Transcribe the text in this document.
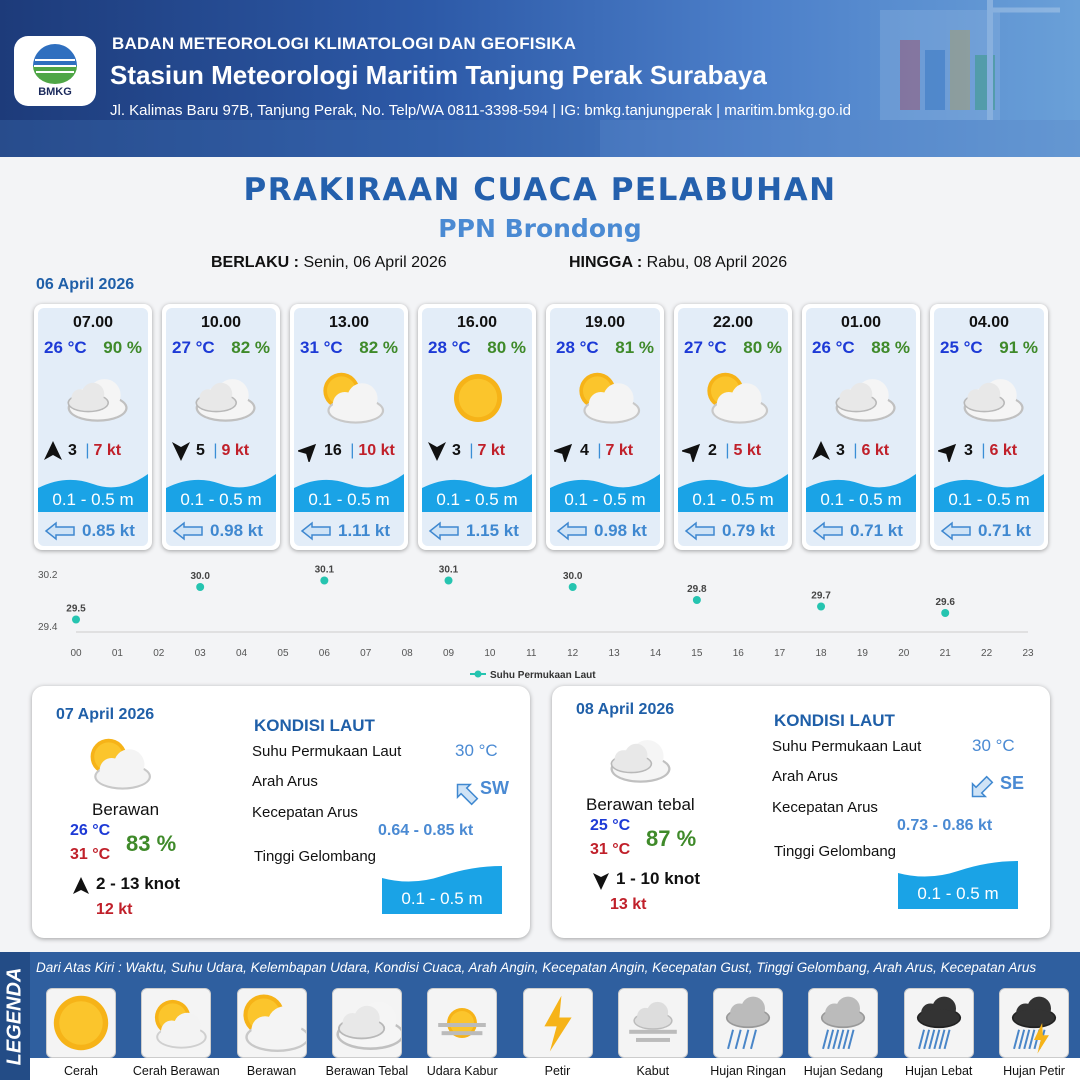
BMKG
BADAN METEOROLOGI KLIMATOLOGI DAN GEOFISIKA
Stasiun Meteorologi Maritim Tanjung Perak Surabaya
Jl. Kalimas Baru 97B, Tanjung Perak, No. Telp/WA 0811-3398-594 | IG: bmkg.tanjungperak | maritim.bmkg.go.id
PRAKIRAAN CUACA PELABUHAN
PPN Brondong
BERLAKU : Senin, 06 April 2026	HINGGA : Rabu, 08 April 2026
06 April 2026
07.00
26 °C 90 %
3 | 7 kt
0.1 - 0.5 m
0.85 kt
10.00
27 °C 82 %
5 | 9 kt
0.1 - 0.5 m
0.98 kt
13.00
31 °C 82 %
16 | 10 kt
0.1 - 0.5 m
1.11 kt
16.00
28 °C 80 %
3 | 7 kt
0.1 - 0.5 m
1.15 kt
19.00
28 °C 81 %
4 | 7 kt
0.1 - 0.5 m
0.98 kt
22.00
27 °C 80 %
2 | 5 kt
0.1 - 0.5 m
0.79 kt
01.00
26 °C 88 %
3 | 6 kt
0.1 - 0.5 m
0.71 kt
04.00
25 °C 91 %
3 | 6 kt
0.1 - 0.5 m
0.71 kt
00	01	02	03	04	05	06	07	08	09	10	11	12	13	14	15	16	17	18	19	20	21	22	23
30.2
29.4
29.5
30.0
30.1	30.1
30.0
29.8
29.7
29.6
Suhu Permukaan Laut
07 April 2026
Berawan
26 °C
31 °C 83 %
2 - 13 knot
12 kt
KONDISI LAUT
Suhu Permukaan Laut	30 °C
Arah Arus	SW
Kecepatan Arus
0.64 - 0.85 kt
Tinggi Gelombang
0.1 - 0.5 m
08 April 2026
Berawan tebal
25 °C
31 °C 87 %
1 - 10 knot
13 kt
KONDISI LAUT
Suhu Permukaan Laut	30 °C
Arah Arus	SE
Kecepatan Arus
0.73 - 0.86 kt
Tinggi Gelombang
0.1 - 0.5 m
LEGENDA Dari Atas Kiri : Waktu, Suhu Udara, Kelembapan Udara, Kondisi Cuaca, Arah Angin, Kecepatan Angin, Kecepatan Gust, Tinggi Gelombang, Arah Arus, Kecepatan Arus
Cerah	Cerah Berawan	Berawan	Berawan Tebal	Udara Kabur	Petir	Kabut	Hujan Ringan	Hujan Sedang	Hujan Lebat	Hujan Petir
